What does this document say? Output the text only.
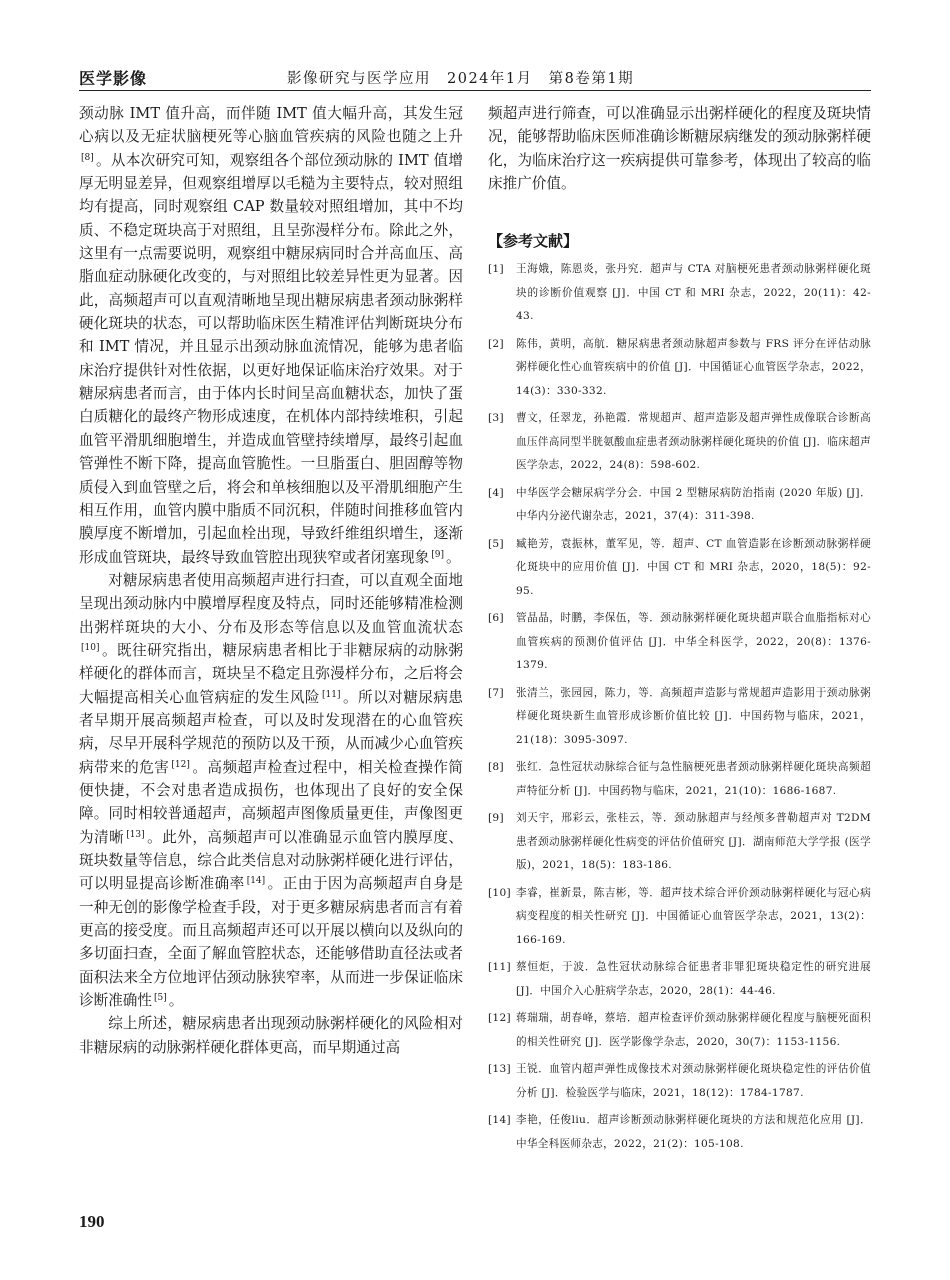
医学影像	影像研究与医学应用　2024年1月　第8卷第1期

颈动脉 IMT 值升高，而伴随 IMT 值大幅升高，其发生冠心病以及无症状脑梗死等心脑血管疾病的风险也随之上升[8] 。从本次研究可知，观察组各个部位颈动脉的 IMT 值增厚无明显差异，但观察组增厚以毛糙为主要特点，较对照组均有提高，同时观察组 CAP 数量较对照组增加，其中不均质、不稳定斑块高于对照组，且呈弥漫样分布。除此之外，这里有一点需要说明，观察组中糖尿病同时合并高血压、高脂血症动脉硬化改变的，与对照组比较差异性更为显著。因此，高频超声可以直观清晰地呈现出糖尿病患者颈动脉粥样硬化斑块的状态，可以帮助临床医生精准评估判断斑块分布和 IMT 情况，并且显示出颈动脉血流情况，能够为患者临床治疗提供针对性依据，以更好地保证临床治疗效果。对于糖尿病患者而言，由于体内长时间呈高血糖状态，加快了蛋白质糖化的最终产物形成速度，在机体内部持续堆积，引起血管平滑肌细胞增生，并造成血管壁持续增厚，最终引起血管弹性不断下降，提高血管脆性。一旦脂蛋白、胆固醇等物质侵入到血管壁之后，将会和单核细胞以及平滑肌细胞产生相互作用，血管内膜中脂质不同沉积，伴随时间推移血管内膜厚度不断增加，引起血栓出现，导致纤维组织增生，逐渐形成血管斑块，最终导致血管腔出现狭窄或者闭塞现象 [9] 。

对糖尿病患者使用高频超声进行扫查，可以直观全面地呈现出颈动脉内中膜增厚程度及特点，同时还能够精准检测出粥样斑块的大小、分布及形态等信息以及血管血流状态[10] 。既往研究指出，糖尿病患者相比于非糖尿病的动脉粥样硬化的群体而言，斑块呈不稳定且弥漫样分布，之后将会大幅提高相关心血管病症的发生风险 [11] 。所以对糖尿病患者早期开展高频超声检查，可以及时发现潜在的心血管疾病，尽早开展科学规范的预防以及干预，从而减少心血管疾病带来的危害 [12] 。高频超声检查过程中，相关检查操作简便快捷，不会对患者造成损伤，也体现出了良好的安全保障。同时相较普通超声，高频超声图像质量更佳，声像图更为清晰 [13] 。此外，高频超声可以准确显示血管内膜厚度、斑块数量等信息，综合此类信息对动脉粥样硬化进行评估，可以明显提高诊断准确率 [14] 。正由于因为高频超声自身是一种无创的影像学检查手段，对于更多糖尿病患者而言有着更高的接受度。而且高频超声还可以开展以横向以及纵向的多切面扫查，全面了解血管腔状态，还能够借助直径法或者面积法来全方位地评估颈动脉狭窄率，从而进一步保证临床诊断准确性 [5] 。

综上所述，糖尿病患者出现颈动脉粥样硬化的风险相对非糖尿病的动脉粥样硬化群体更高，而早期通过高

频超声进行筛查，可以准确显示出粥样硬化的程度及斑块情况，能够帮助临床医师准确诊断糖尿病继发的颈动脉粥样硬化，为临床治疗这一疾病提供可靠参考，体现出了较高的临床推广价值。

【参考文献】
[1] 王海娥，陈恩炎，张丹究．超声与 CTA 对脑梗死患者颈动脉粥样硬化斑块的诊断价值观察 [J]．中国 CT 和 MRI 杂志，2022，20(11)：42-43.
[2] 陈伟，黄明，高航．糖尿病患者颈动脉超声参数与 FRS 评分在评估动脉粥样硬化性心血管疾病中的价值 [J]．中国循证心血管医学杂志，2022，14(3)：330-332.
[3] 曹文，任翠龙，孙艳霞．常规超声、超声造影及超声弹性成像联合诊断高血压伴高同型半胱氨酸血症患者颈动脉粥样硬化斑块的价值 [J]．临床超声医学杂志，2022，24(8)：598-602.
[4] 中华医学会糖尿病学分会．中国 2 型糖尿病防治指南 (2020 年版) [J]．中华内分泌代谢杂志，2021，37(4)：311-398.
[5] 臧艳芳，袁振林，董军见，等．超声、CT 血管造影在诊断颈动脉粥样硬化斑块中的应用价值 [J]．中国 CT 和 MRI 杂志，2020，18(5)：92-95.
[6] 管晶晶，时鹏，李保伍，等．颈动脉粥样硬化斑块超声联合血脂指标对心血管疾病的预测价值评估 [J]．中华全科医学，2022，20(8)：1376-1379.
[7] 张清兰，张园园，陈力，等．高频超声造影与常规超声造影用于颈动脉粥样硬化斑块新生血管形成诊断价值比较 [J]．中国药物与临床，2021，21(18)：3095-3097.
[8] 张红．急性冠状动脉综合征与急性脑梗死患者颈动脉粥样硬化斑块高频超声特征分析 [J]．中国药物与临床，2021，21(10)：1686-1687.
[9] 刘天宇，邢彩云，张桂云，等．颈动脉超声与经颅多普勒超声对 T2DM 患者颈动脉粥样硬化性病变的评估价值研究 [J]．湖南师范大学学报 (医学版)，2021，18(5)：183-186.
[10] 李睿，崔新景，陈吉彬，等．超声技术综合评价颈动脉粥样硬化与冠心病病变程度的相关性研究 [J]．中国循证心血管医学杂志，2021，13(2)：166-169.
[11] 蔡恒炬，于波．急性冠状动脉综合征患者非罪犯斑块稳定性的研究进展 [J]．中国介入心脏病学杂志，2020，28(1)：44-46.
[12] 蒋瑞瑞，胡春峰，蔡培．超声检查评价颈动脉粥样硬化程度与脑梗死面积的相关性研究 [J]．医学影像学杂志，2020，30(7)：1153-1156.
[13] 王锐．血管内超声弹性成像技术对颈动脉粥样硬化斑块稳定性的评估价值分析 [J]．检验医学与临床，2021，18(12)：1784-1787.
[14] 李艳，任俊liu．超声诊断颈动脉粥样硬化斑块的方法和规范化应用 [J]．中华全科医师杂志，2022，21(2)：105-108.
190
